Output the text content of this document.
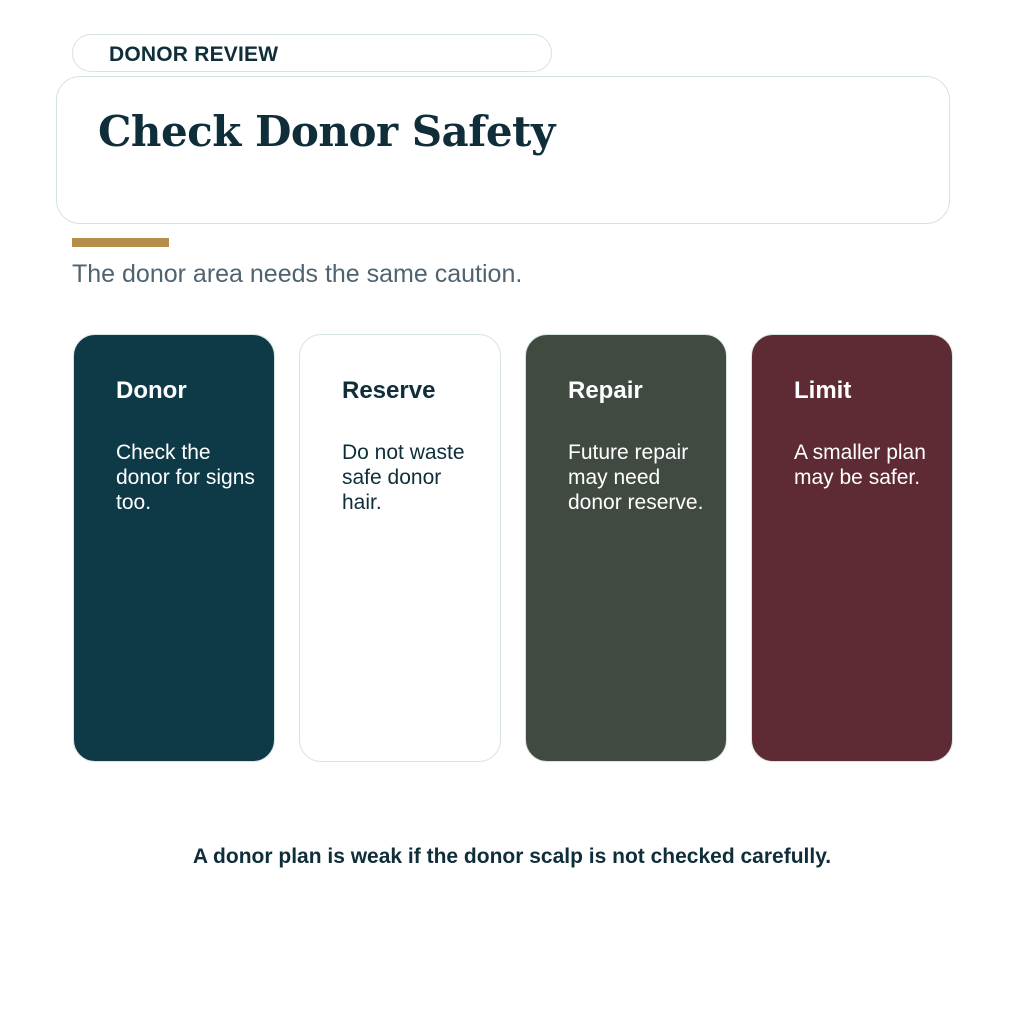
DONOR REVIEW
Check Donor Safety
The donor area needs the same caution.
Donor
Check the donor for signs too.
Reserve
Do not waste safe donor hair.
Repair
Future repair may need donor reserve.
Limit
A smaller plan may be safer.
A donor plan is weak if the donor scalp is not checked carefully.
